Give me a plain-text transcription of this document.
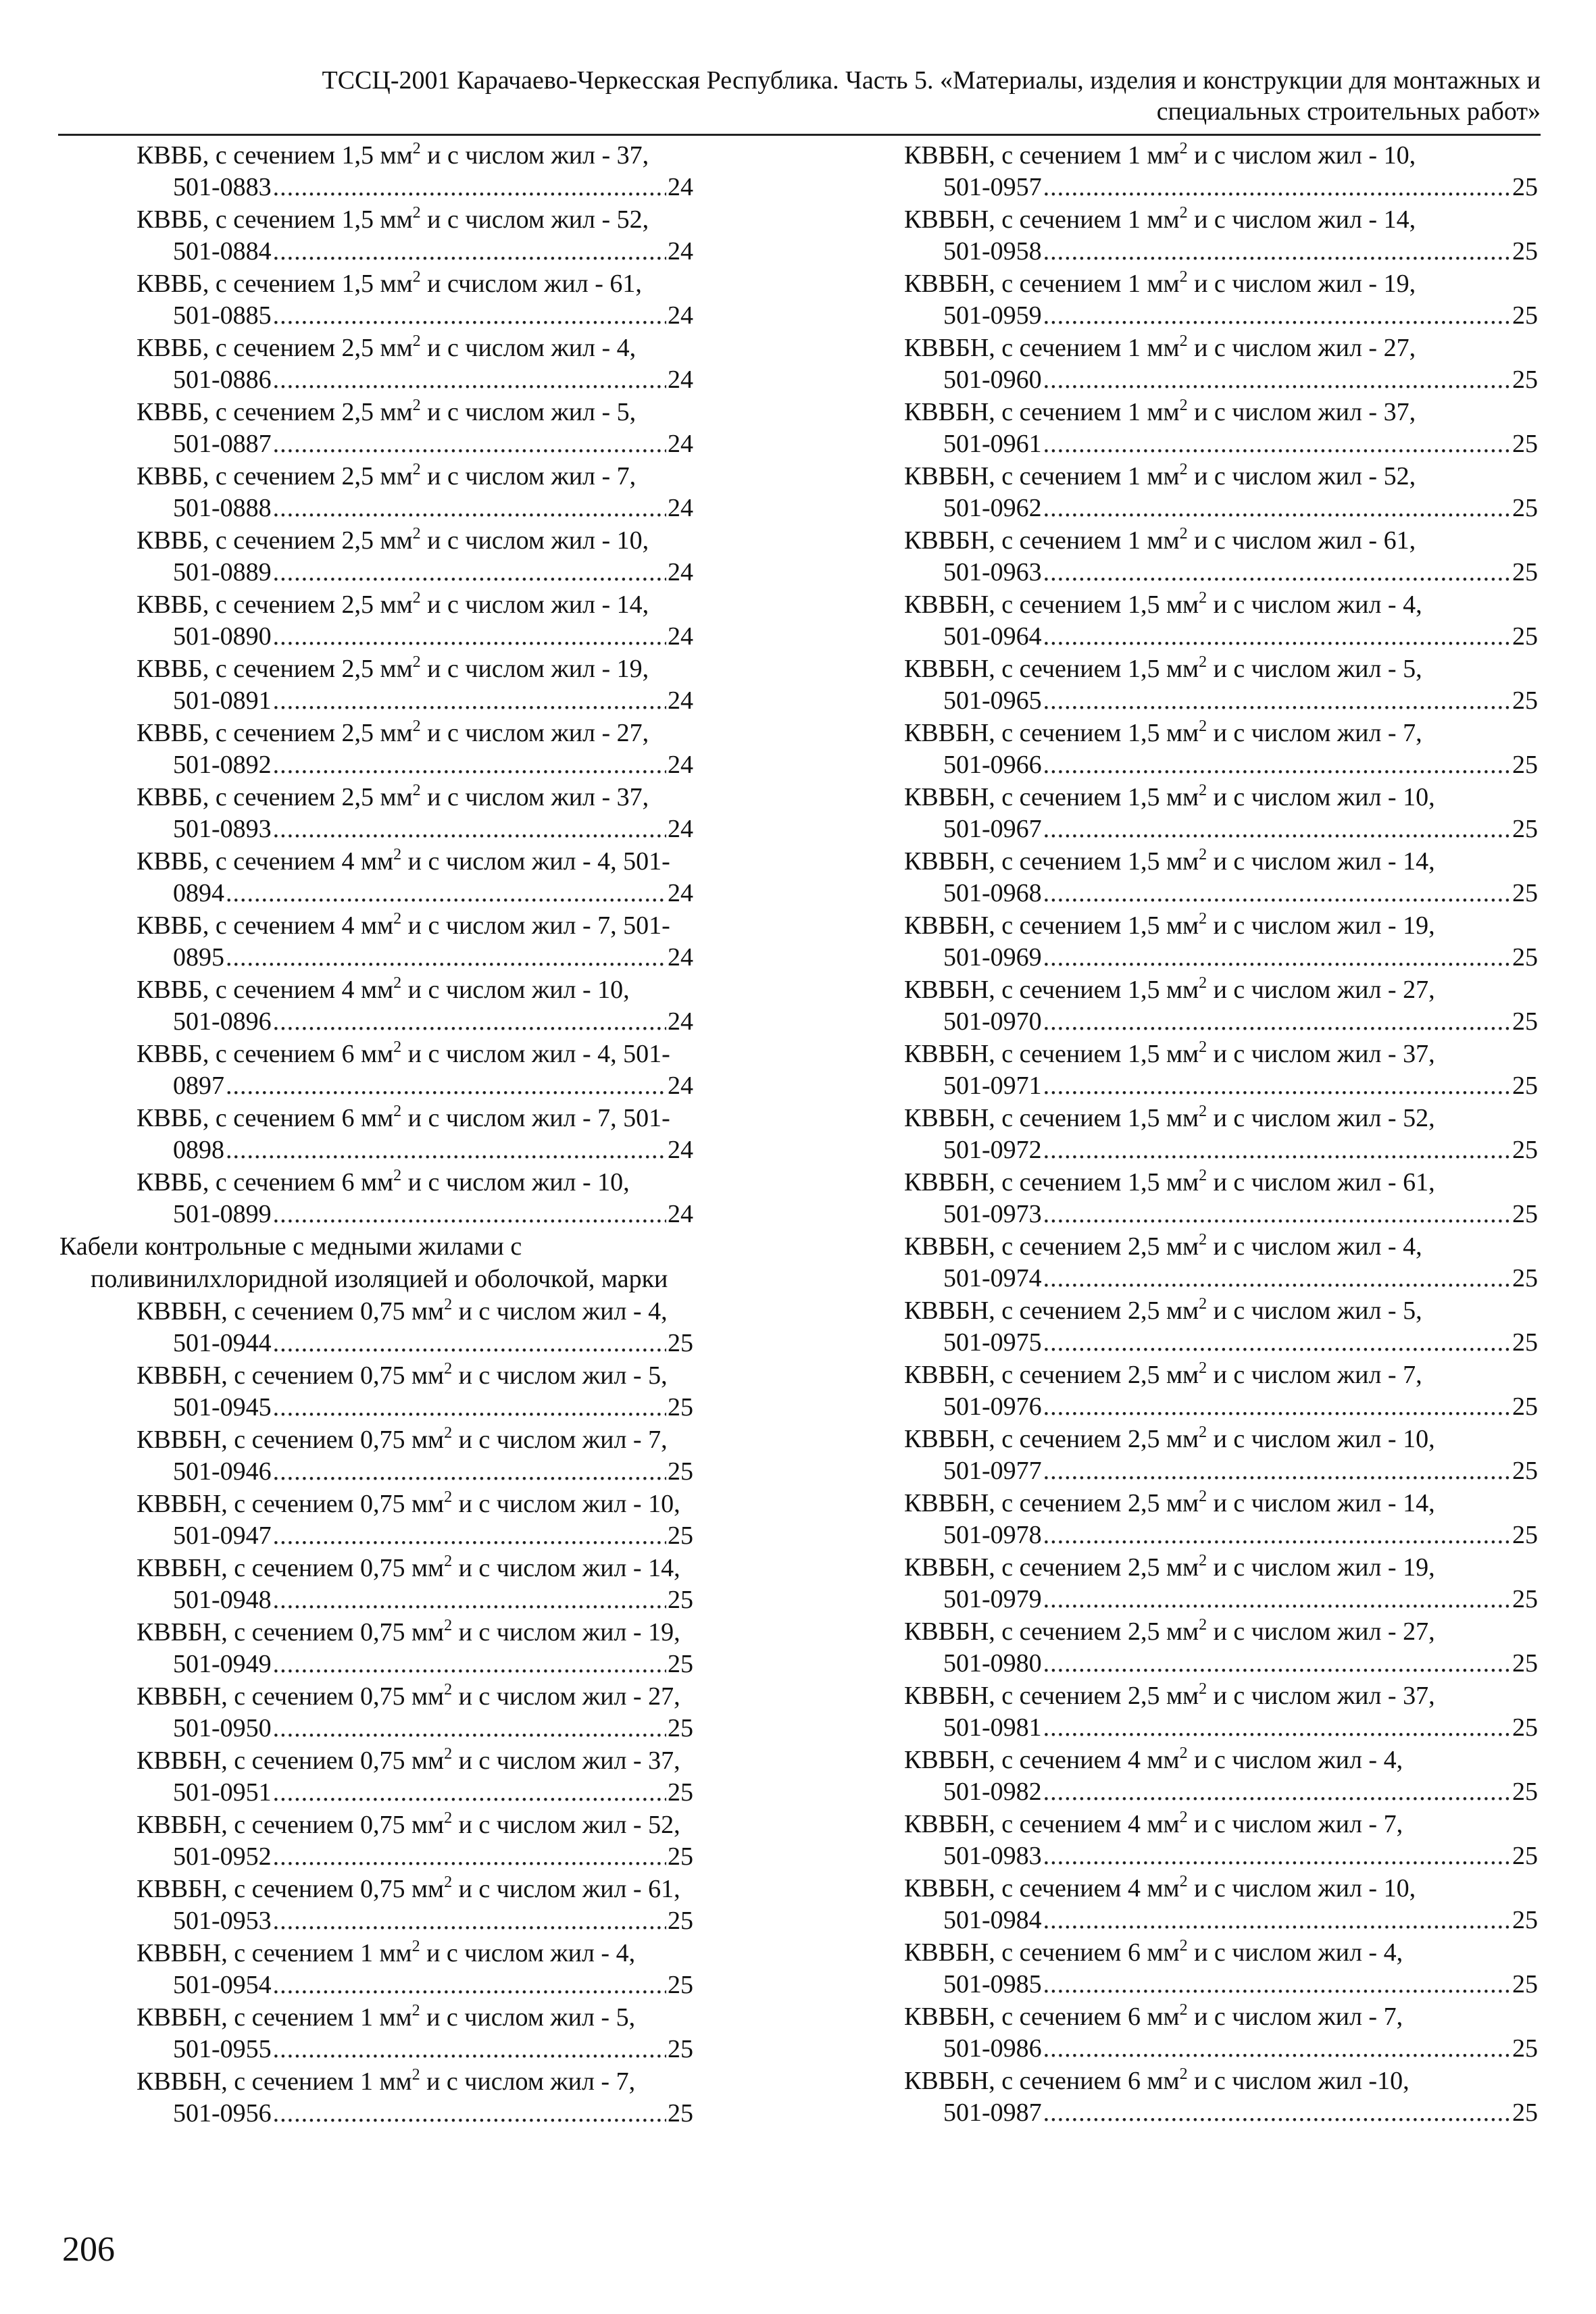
ТССЦ-2001 Карачаево-Черкесская Республика. Часть 5. «Материалы, изделия и конструкции для монтажных и
специальных строительных работ»
КВВБ, с сечением 1,5 $мм^2$ и с числом жил - 37,
501-0883 .....	24
КВВБ, с сечением 1,5 $мм^2$ и с числом жил - 52,
501-0884 .....	24
КВВБ, с сечением 1,5 $мм^2$ и счислом жил - 61,
501-0885 .....	24
КВВБ, с сечением 2,5 $мм^2$ и с числом жил - 4,
501-0886 .....	24
КВВБ, с сечением 2,5 $мм^2$ и с числом жил - 5,
501-0887 .....	24
КВВБ, с сечением 2,5 $мм^2$ и с числом жил - 7,
501-0888 .....	24
КВВБ, с сечением 2,5 $мм^2$ и с числом жил - 10,
501-0889 .....	24
КВВБ, с сечением 2,5 $мм^2$ и с числом жил - 14,
501-0890 .....	24
КВВБ, с сечением 2,5 $мм^2$ и с числом жил - 19,
501-0891 .....	24
КВВБ, с сечением 2,5 $мм^2$ и с числом жил - 27,
501-0892 .....	24
КВВБ, с сечением 2,5 $мм^2$ и с числом жил - 37,
501-0893 .....	24
КВВБ, с сечением 4 $мм^2$ и с числом жил - 4, 501-
0894 .....	24
КВВБ, с сечением 4 $мм^2$ и с числом жил - 7, 501-
0895 .....	24
КВВБ, с сечением 4 $мм^2$ и с числом жил - 10,
501-0896 .....	24
КВВБ, с сечением 6 $мм^2$ и с числом жил - 4, 501-
0897 .....	24
КВВБ, с сечением 6 $мм^2$ и с числом жил - 7, 501-
0898 .....	24
КВВБ, с сечением 6 $мм^2$ и с числом жил - 10,
501-0899 .....	24
Кабели контрольные с медными жилами с поливинилхлоридной изоляцией и оболочкой, марки
КВВБН, с сечением 0,75 $мм^2$ и с числом жил - 4,
501-0944 .....	25
КВВБН, с сечением 0,75 $мм^2$ и с числом жил - 5,
501-0945 .....	25
КВВБН, с сечением 0,75 $мм^2$ и с числом жил - 7,
501-0946 .....	25
КВВБН, с сечением 0,75 $мм^2$ и с числом жил - 10,
501-0947 .....	25
КВВБН, с сечением 0,75 $мм^2$ и с числом жил - 14,
501-0948 .....	25
КВВБН, с сечением 0,75 $мм^2$ и с числом жил - 19,
501-0949 .....	25
КВВБН, с сечением 0,75 $мм^2$ и с числом жил - 27,
501-0950 .....	25
КВВБН, с сечением 0,75 $мм^2$ и с числом жил - 37,
501-0951 .....	25
КВВБН, с сечением 0,75 $мм^2$ и с числом жил - 52,
501-0952 .....	25
КВВБН, с сечением 0,75 $мм^2$ и с числом жил - 61,
501-0953 .....	25
КВВБН, с сечением 1 $мм^2$ и с числом жил - 4,
501-0954 .....	25
КВВБН, с сечением 1 $мм^2$ и с числом жил - 5,
501-0955 .....	25
КВВБН, с сечением 1 $мм^2$ и с числом жил - 7,
501-0956 .....	25
КВВБН, с сечением 1 $мм^2$ и с числом жил - 10,
501-0957 .....	25
КВВБН, с сечением 1 $мм^2$ и с числом жил - 14,
501-0958 .....	25
КВВБН, с сечением 1 $мм^2$ и с числом жил - 19,
501-0959 .....	25
КВВБН, с сечением 1 $мм^2$ и с числом жил - 27,
501-0960 .....	25
КВВБН, с сечением 1 $мм^2$ и с числом жил - 37,
501-0961 .....	25
КВВБН, с сечением 1 $мм^2$ и с числом жил - 52,
501-0962 .....	25
КВВБН, с сечением 1 $мм^2$ и с числом жил - 61,
501-0963 .....	25
КВВБН, с сечением 1,5 $мм^2$ и с числом жил - 4,
501-0964 .....	25
КВВБН, с сечением 1,5 $мм^2$ и с числом жил - 5,
501-0965 .....	25
КВВБН, с сечением 1,5 $мм^2$ и с числом жил - 7,
501-0966 .....	25
КВВБН, с сечением 1,5 $мм^2$ и с числом жил - 10,
501-0967 .....	25
КВВБН, с сечением 1,5 $мм^2$ и с числом жил - 14,
501-0968 .....	25
КВВБН, с сечением 1,5 $мм^2$ и с числом жил - 19,
501-0969 .....	25
КВВБН, с сечением 1,5 $мм^2$ и с числом жил - 27,
501-0970 .....	25
КВВБН, с сечением 1,5 $мм^2$ и с числом жил - 37,
501-0971 .....	25
КВВБН, с сечением 1,5 $мм^2$ и с числом жил - 52,
501-0972 .....	25
КВВБН, с сечением 1,5 $мм^2$ и с числом жил - 61,
501-0973 .....	25
КВВБН, с сечением 2,5 $мм^2$ и с числом жил - 4,
501-0974 .....	25
КВВБН, с сечением 2,5 $мм^2$ и с числом жил - 5,
501-0975 .....	25
КВВБН, с сечением 2,5 $мм^2$ и с числом жил - 7,
501-0976 .....	25
КВВБН, с сечением 2,5 $мм^2$ и с числом жил - 10,
501-0977 .....	25
КВВБН, с сечением 2,5 $мм^2$ и с числом жил - 14,
501-0978 .....	25
КВВБН, с сечением 2,5 $мм^2$ и с числом жил - 19,
501-0979 .....	25
КВВБН, с сечением 2,5 $мм^2$ и с числом жил - 27,
501-0980 .....	25
КВВБН, с сечением 2,5 $мм^2$ и с числом жил - 37,
501-0981 .....	25
КВВБН, с сечением 4 $мм^2$ и с числом жил - 4,
501-0982 .....	25
КВВБН, с сечением 4 $мм^2$ и с числом жил - 7,
501-0983 .....	25
КВВБН, с сечением 4 $мм^2$ и с числом жил - 10,
501-0984 .....	25
КВВБН, с сечением 6 $мм^2$ и с числом жил - 4,
501-0985 .....	25
КВВБН, с сечением 6 $мм^2$ и с числом жил - 7,
501-0986 .....	25
КВВБН, с сечением 6 $мм^2$ и с числом жил -10,
501-0987 .....	25
206
